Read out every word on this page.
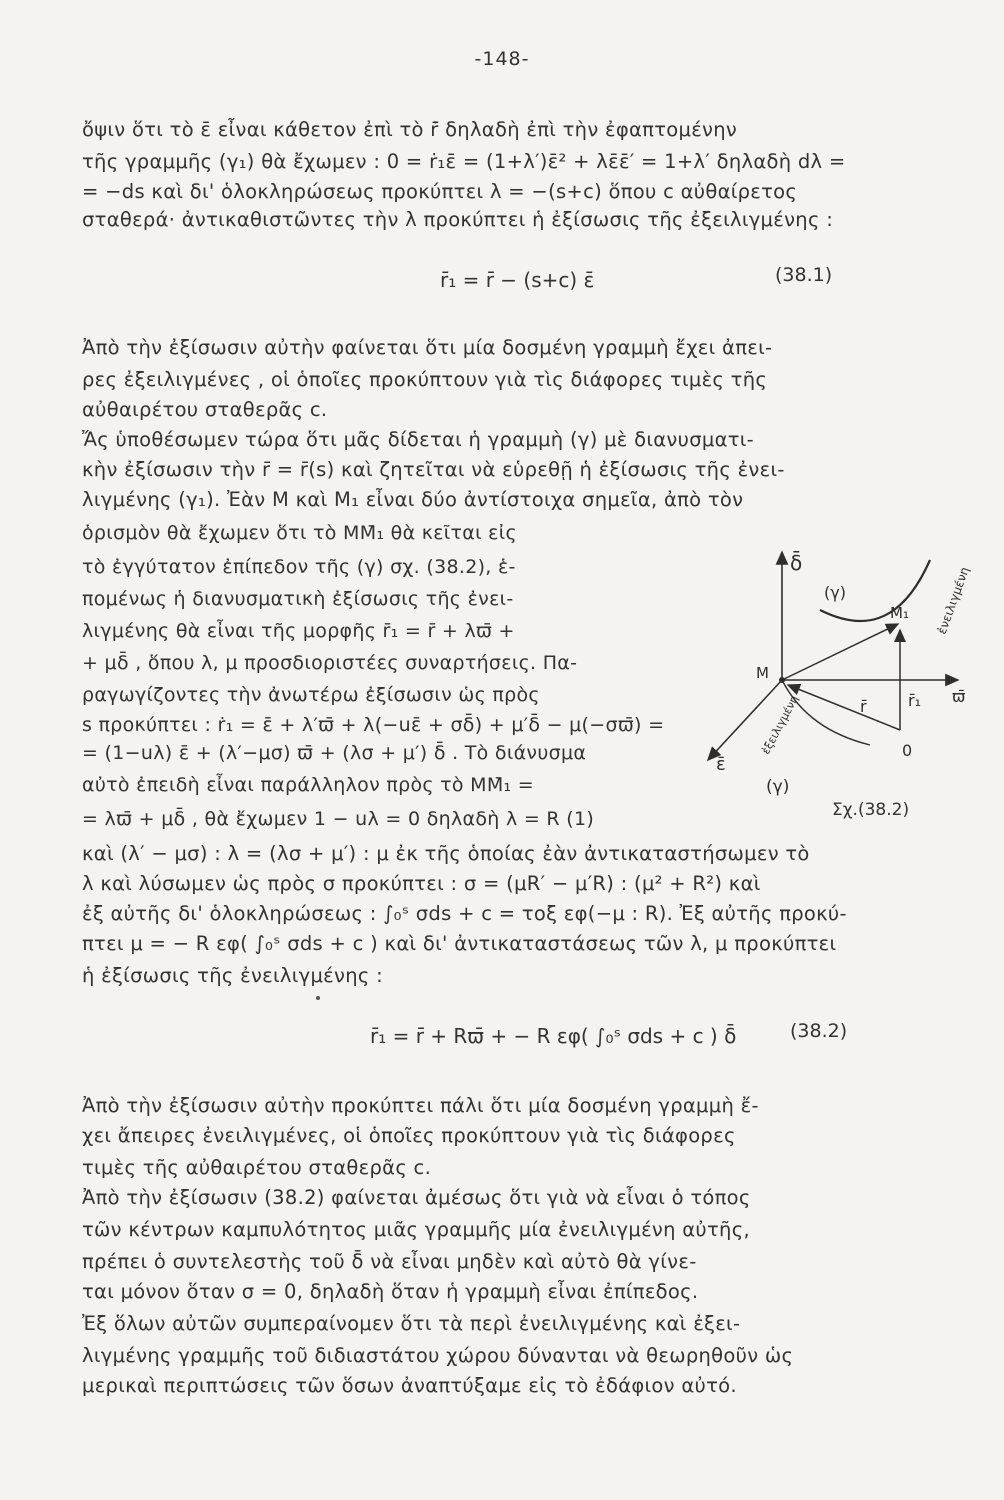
-148-
ὄψιν ὅτι τὸ ε̄ εἶναι κάθετον ἐπὶ τὸ r̄̇ δηλαδὴ ἐπὶ τὴν ἐφαπτομένην
τῆς γραμμῆς (γ₁) θὰ ἔχωμεν : 0 = ṙ₁ε̄ = (1+λ′)ε̄² + λε̄ε̄′ = 1+λ′ δηλαδὴ dλ =
= −ds καὶ δι' ὁλοκληρώσεως προκύπτει λ = −(s+c) ὅπου c αὐθαίρετος
σταθερά· ἀντικαθιστῶντες τὴν λ προκύπτει ἡ ἐξίσωσις τῆς ἐξειλιγμένης :
r̄₁ = r̄ − (s+c) ε̄	(38.1)
Ἀπὸ τὴν ἐξίσωσιν αὐτὴν φαίνεται ὅτι μία δοσμένη γραμμὴ ἔχει ἀπει-
ρες ἐξειλιγμένες , οἱ ὁποῖες προκύπτουν γιὰ τὶς διάφορες τιμὲς τῆς
αὐθαιρέτου σταθερᾶς c.
Ἄς ὑποθέσωμεν τώρα ὅτι μᾶς δίδεται ἡ γραμμὴ (γ) μὲ διανυσματι-
κὴν ἐξίσωσιν τὴν r̄ = r̄(s) καὶ ζητεῖται νὰ εὑρεθῇ ἡ ἐξίσωσις τῆς ἐνει-
λιγμένης (γ₁). Ἐὰν Μ καὶ Μ₁ εἶναι δύο ἀντίστοιχα σημεῖα, ἀπὸ τὸν
ὁρισμὸν θὰ ἔχωμεν ὅτι τὸ ΜΜ̄₁ θὰ κεῖται εἰς
τὸ ἐγγύτατον ἐπίπεδον τῆς (γ) σχ. (38.2), ἑ-
πομένως ἡ διανυσματικὴ ἐξίσωσις τῆς ἐνει-
λιγμένης θὰ εἶναι τῆς μορφῆς r̄₁ = r̄ + λϖ̄ +
+ μδ̄ , ὅπου λ, μ προσδιοριστέες συναρτήσεις. Πα-
ραγωγίζοντες τὴν ἀνωτέρω ἐξίσωσιν ὡς πρὸς
s προκύπτει : ṙ₁ = ε̄ + λ′ϖ̄ + λ(−uε̄ + σδ̄) + μ′δ̄ − μ(−σϖ̄) =
= (1−uλ) ε̄ + (λ′−μσ) ϖ̄ + (λσ + μ′) δ̄ . Τὸ διάνυσμα
αὐτὸ ἐπειδὴ εἶναι παράλληλον πρὸς τὸ ΜΜ̄₁ =
= λϖ̄ + μδ̄ , θὰ ἔχωμεν 1 − uλ = 0 δηλαδὴ λ = R (1)
δ̄
(γ)
Μ₁ ἐνειλιγμένη
Μ
ϖ̄
r̄	r̄₁
ἐξειλιγμένη	0
ε̄
(γ)
Σχ.(38.2)
καὶ (λ′ − μσ) : λ = (λσ + μ′) : μ ἐκ τῆς ὁποίας ἐὰν ἀντικαταστήσωμεν τὸ
λ καὶ λύσωμεν ὡς πρὸς σ προκύπτει : σ = (μR′ − μ′R) : (μ² + R²) καὶ
ἐξ αὐτῆς δι' ὁλοκληρώσεως : ∫₀ˢ σds + c = τοξ εφ(−μ : R). Ἐξ αὐτῆς προκύ-
πτει μ = − R εφ( ∫₀ˢ σds + c ) καὶ δι' ἀντικαταστάσεως τῶν λ, μ προκύπτει
ἡ ἐξίσωσις τῆς ἐνειλιγμένης :
r̄₁ = r̄ + Rϖ̄ + − R εφ( ∫₀ˢ σds + c ) δ̄	(38.2)
Ἀπὸ τὴν ἐξίσωσιν αὐτὴν προκύπτει πάλι ὅτι μία δοσμένη γραμμὴ ἔ-
χει ἄπειρες ἐνειλιγμένες, οἱ ὁποῖες προκύπτουν γιὰ τὶς διάφορες
τιμὲς τῆς αὐθαιρέτου σταθερᾶς c.
Ἀπὸ τὴν ἐξίσωσιν (38.2) φαίνεται ἀμέσως ὅτι γιὰ νὰ εἶναι ὁ τόπος
τῶν κέντρων καμπυλότητος μιᾶς γραμμῆς μία ἐνειλιγμένη αὐτῆς,
πρέπει ὁ συντελεστὴς τοῦ δ̄ νὰ εἶναι μηδὲν καὶ αὐτὸ θὰ γίνε-
ται μόνον ὅταν σ = 0, δηλαδὴ ὅταν ἡ γραμμὴ εἶναι ἐπίπεδος.
Ἐξ ὅλων αὐτῶν συμπεραίνομεν ὅτι τὰ περὶ ἐνειλιγμένης καὶ ἐξει-
λιγμένης γραμμῆς τοῦ διδιαστάτου χώρου δύνανται νὰ θεωρηθοῦν ὡς
μερικαὶ περιπτώσεις τῶν ὅσων ἀναπτύξαμε εἰς τὸ ἐδάφιον αὐτό.
